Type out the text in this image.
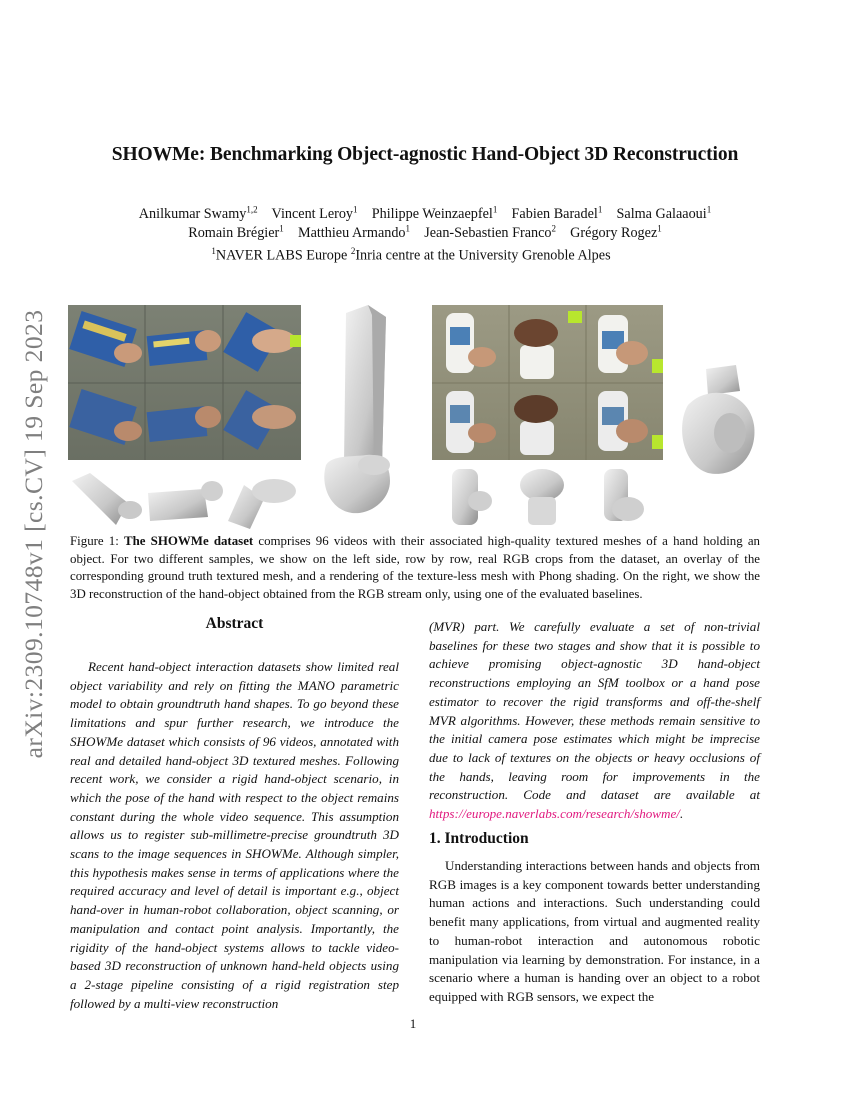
arXiv:2309.10748v1 [cs.CV] 19 Sep 2023
SHOWMe: Benchmarking Object-agnostic Hand-Object 3D Reconstruction
Anilkumar Swamy$^{1,2}$ Vincent Leroy$^1$ Philippe Weinzaepfel$^1$ Fabien Baradel$^1$ Salma Galaaoui$^1$
Romain Brégier$^1$ Matthieu Armando$^1$ Jean-Sebastien Franco$^2$ Grégory Rogez$^1$
$^1$NAVER LABS Europe $^2$Inria centre at the University Grenoble Alpes
Figure 1: The SHOWMe dataset comprises 96 videos with their associated high-quality textured meshes of a hand holding an object. For two different samples, we show on the left side, row by row, real RGB crops from the dataset, an overlay of the corresponding ground truth textured mesh, and a rendering of the texture-less mesh with Phong shading. On the right, we show the 3D reconstruction of the hand-object obtained from the RGB stream only, using one of the evaluated baselines.
Abstract
Recent hand-object interaction datasets show limited real object variability and rely on fitting the MANO parametric model to obtain groundtruth hand shapes. To go beyond these limitations and spur further research, we introduce the SHOWMe dataset which consists of 96 videos, annotated with real and detailed hand-object 3D textured meshes. Following recent work, we consider a rigid hand-object scenario, in which the pose of the hand with respect to the object remains constant during the whole video sequence. This assumption allows us to register sub-millimetre-precise groundtruth 3D scans to the image sequences in SHOWMe. Although simpler, this hypothesis makes sense in terms of applications where the required accuracy and level of detail is important e.g., object hand-over in human-robot collaboration, object scanning, or manipulation and contact point analysis. Importantly, the rigidity of the hand-object systems allows to tackle video-based 3D reconstruction of unknown hand-held objects using a 2-stage pipeline consisting of a rigid registration step followed by a multi-view reconstruction
(MVR) part. We carefully evaluate a set of non-trivial baselines for these two stages and show that it is possible to achieve promising object-agnostic 3D hand-object reconstructions employing an SfM toolbox or a hand pose estimator to recover the rigid transforms and off-the-shelf MVR algorithms. However, these methods remain sensitive to the initial camera pose estimates which might be imprecise due to lack of textures on the objects or heavy occlusions of the hands, leaving room for improvements in the reconstruction. Code and dataset are available at https://europe.naverlabs.com/research/showme/.
1. Introduction
Understanding interactions between hands and objects from RGB images is a key component towards better understanding human actions and interactions. Such understanding could benefit many applications, from virtual and augmented reality to human-robot interaction and autonomous robotic manipulation via learning by demonstration. For instance, in a scenario where a human is handing over an object to a robot equipped with RGB sensors, we expect the
1
